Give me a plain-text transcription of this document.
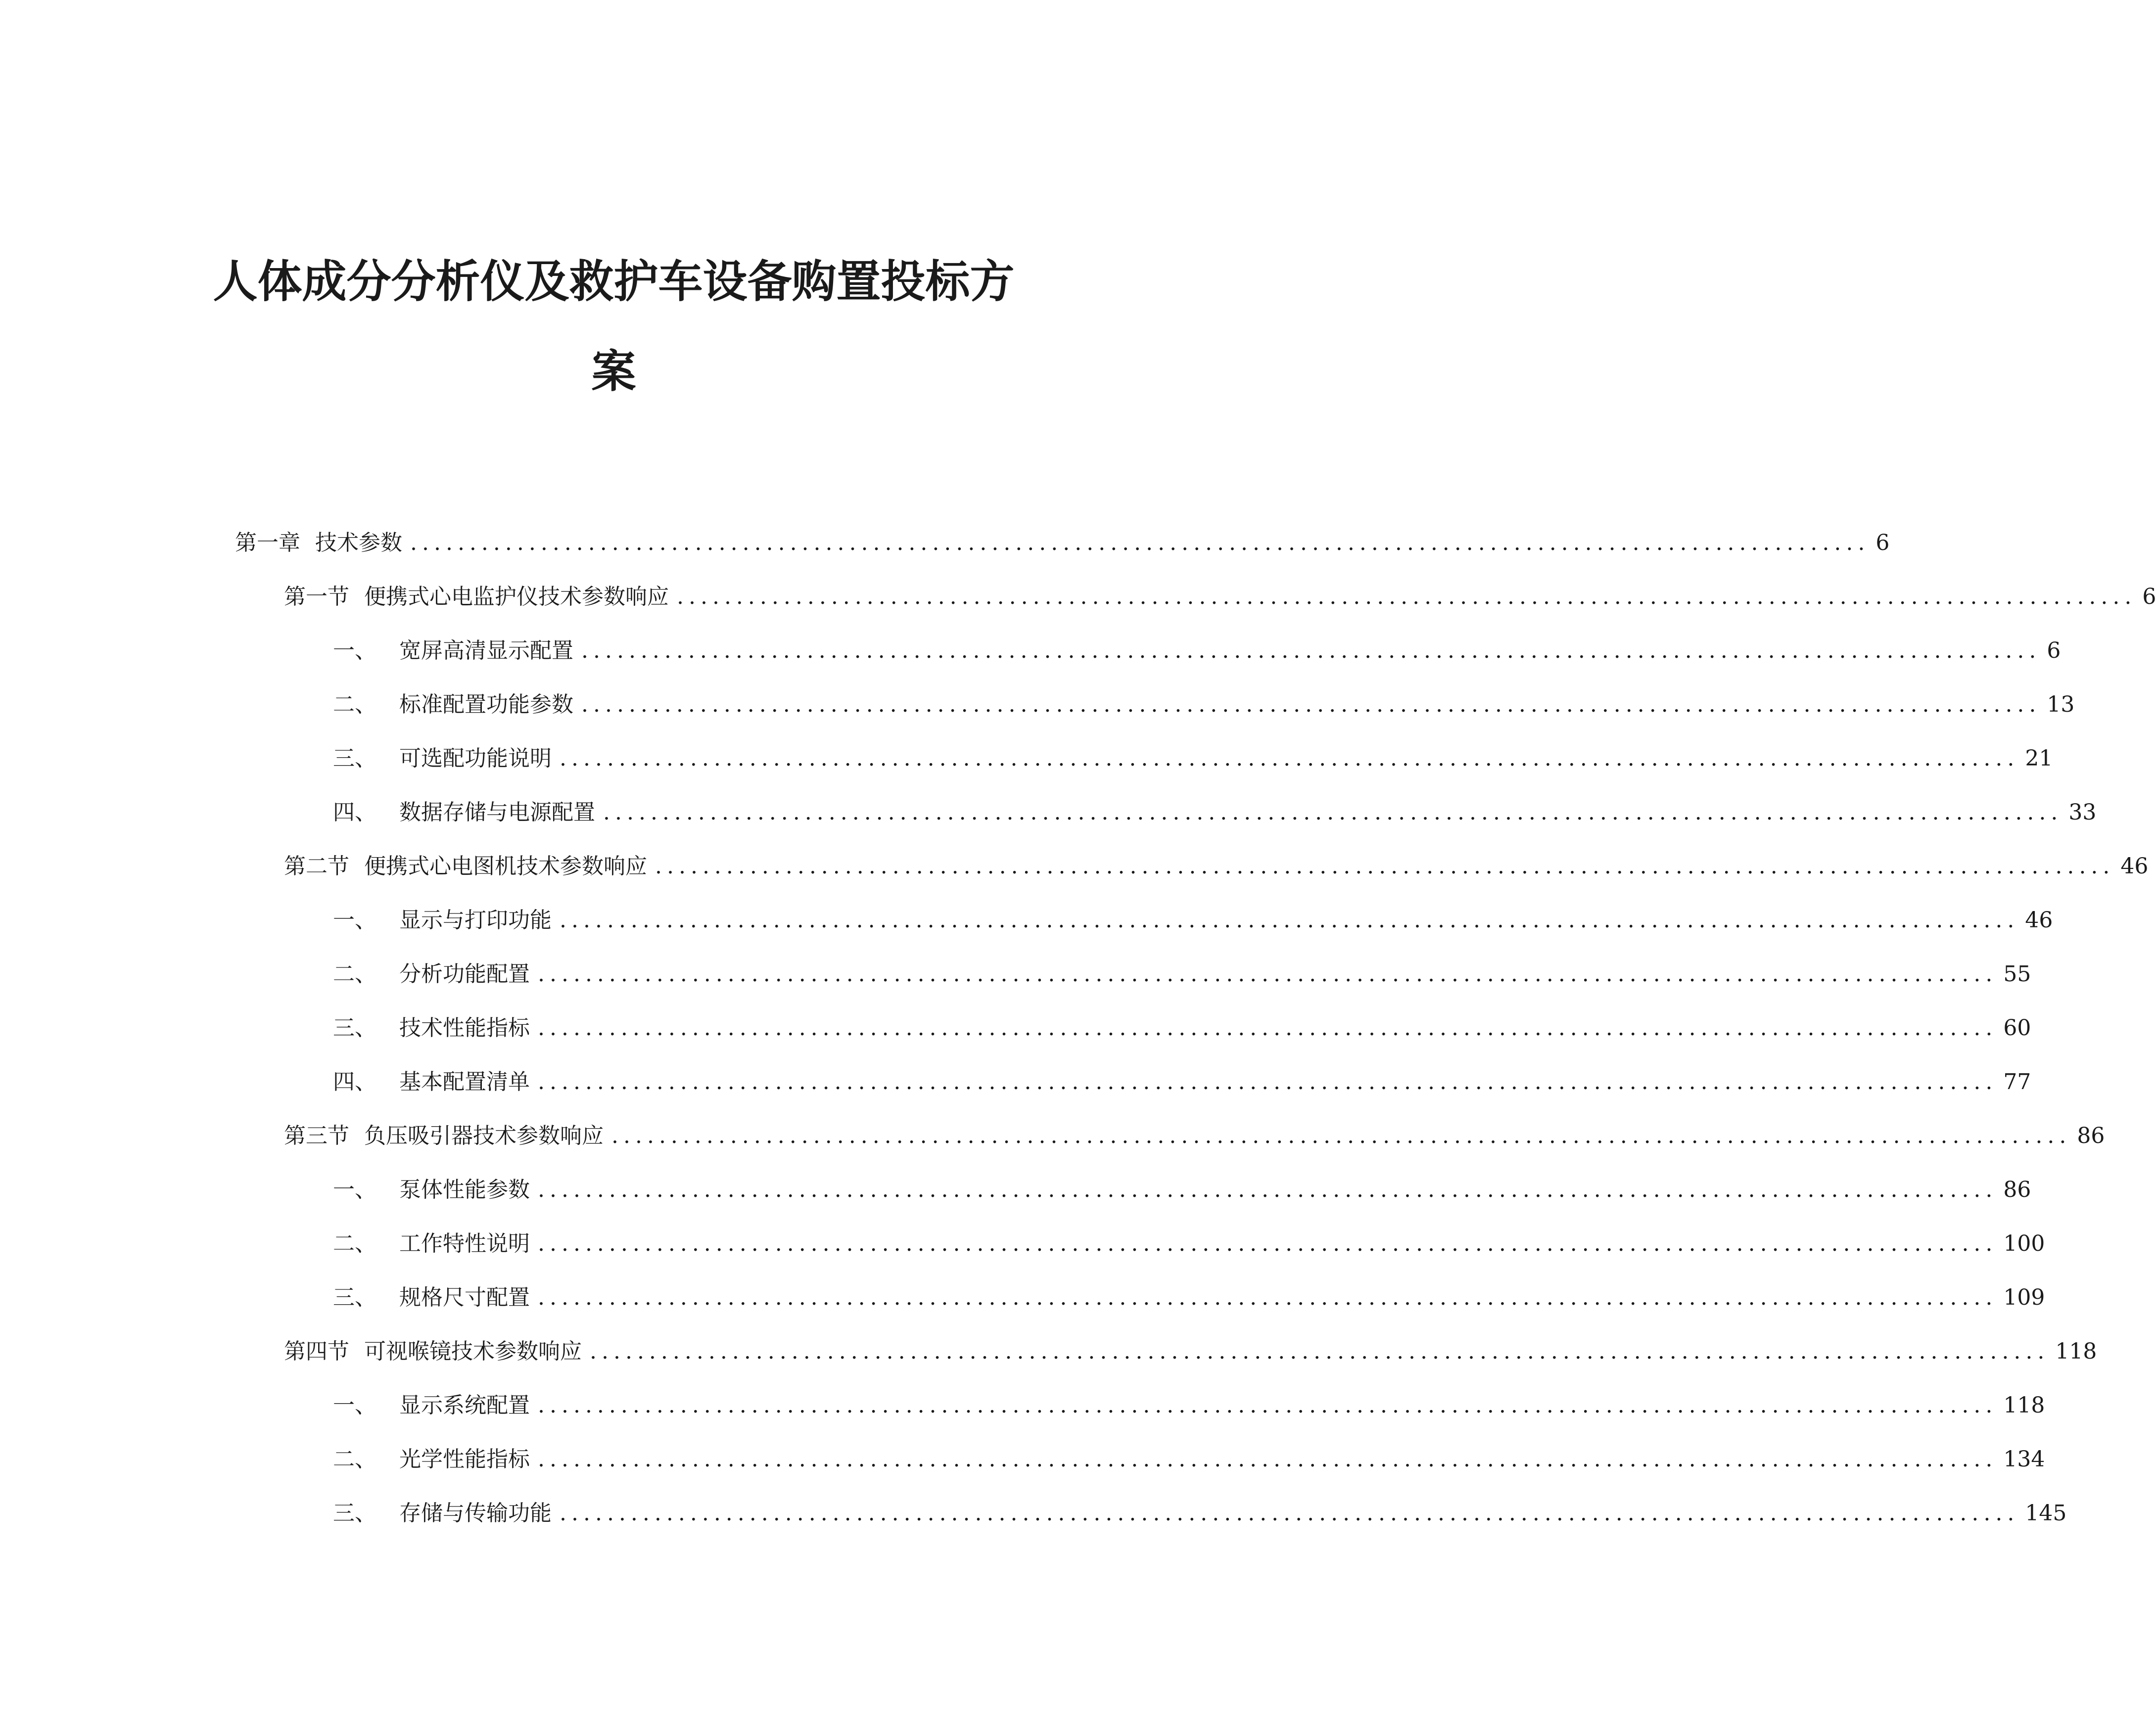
人体成分分析仪及救护车设备购置投标方
案
第一章 技术参数 ........................................................................................................................... 6
第一节 便携式心电监护仪技术参数响应 ........................................................................................................................... 6
一、 宽屏高清显示配置 ........................................................................................................................... 6
二、 标准配置功能参数 ........................................................................................................................... 13
三、 可选配功能说明 ........................................................................................................................... 21
四、 数据存储与电源配置 ........................................................................................................................... 33
第二节 便携式心电图机技术参数响应 ........................................................................................................................... 46
一、 显示与打印功能 ........................................................................................................................... 46
二、 分析功能配置 ........................................................................................................................... 55
三、 技术性能指标 ........................................................................................................................... 60
四、 基本配置清单 ........................................................................................................................... 77
第三节 负压吸引器技术参数响应 ........................................................................................................................... 86
一、 泵体性能参数 ........................................................................................................................... 86
二、 工作特性说明 ........................................................................................................................... 100
三、 规格尺寸配置 ........................................................................................................................... 109
第四节 可视喉镜技术参数响应 ........................................................................................................................... 118
一、 显示系统配置 ........................................................................................................................... 118
二、 光学性能指标 ........................................................................................................................... 134
三、 存储与传输功能 ........................................................................................................................... 145
